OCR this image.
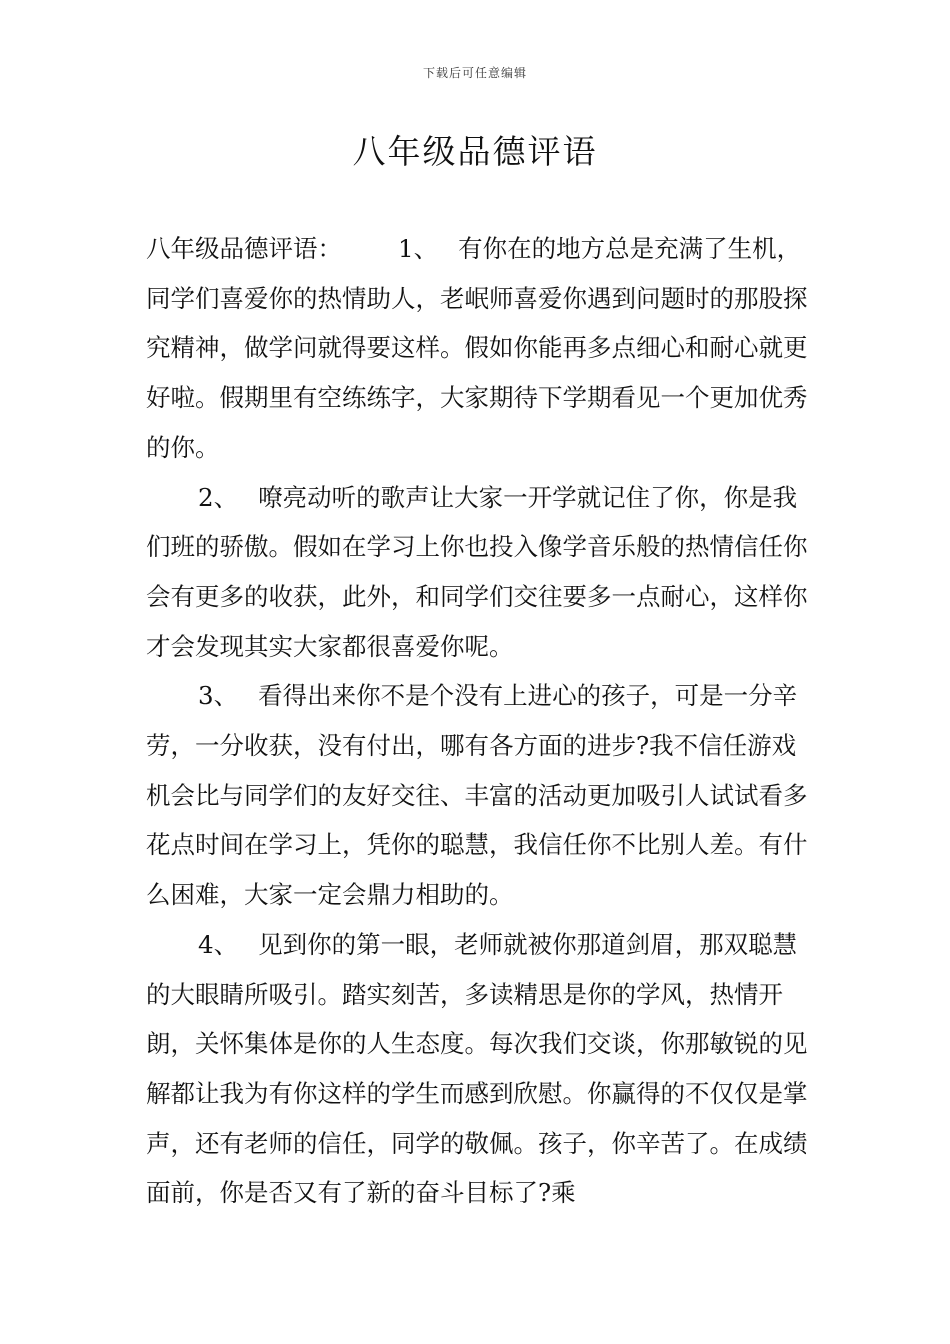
下载后可任意编辑
八年级品德评语

八年级品德评语： 1、 有你在的地方总是充满了生机，同学们喜爱你的热情助人，老岷师喜爱你遇到问题时的那股探究精神，做学问就得要这样。假如你能再多点细心和耐心就更好啦。假期里有空练练字，大家期待下学期看见一个更加优秀的你。

2、 嘹亮动听的歌声让大家一开学就记住了你，你是我们班的骄傲。假如在学习上你也投入像学音乐般的热情信任你会有更多的收获，此外，和同学们交往要多一点耐心，这样你才会发现其实大家都很喜爱你呢。

3、 看得出来你不是个没有上进心的孩子，可是一分辛劳，一分收获，没有付出，哪有各方面的进步?我不信任游戏机会比与同学们的友好交往、丰富的活动更加吸引人试试看多花点时间在学习上，凭你的聪慧，我信任你不比别人差。有什么困难，大家一定会鼎力相助的。

4、 见到你的第一眼，老师就被你那道剑眉，那双聪慧的大眼睛所吸引。踏实刻苦，多读精思是你的学风，热情开朗，关怀集体是你的人生态度。每次我们交谈，你那敏锐的见解都让我为有你这样的学生而感到欣慰。你赢得的不仅仅是掌声，还有老师的信任，同学的敬佩。孩子，你辛苦了。在成绩面前，你是否又有了新的奋斗目标了?乘
